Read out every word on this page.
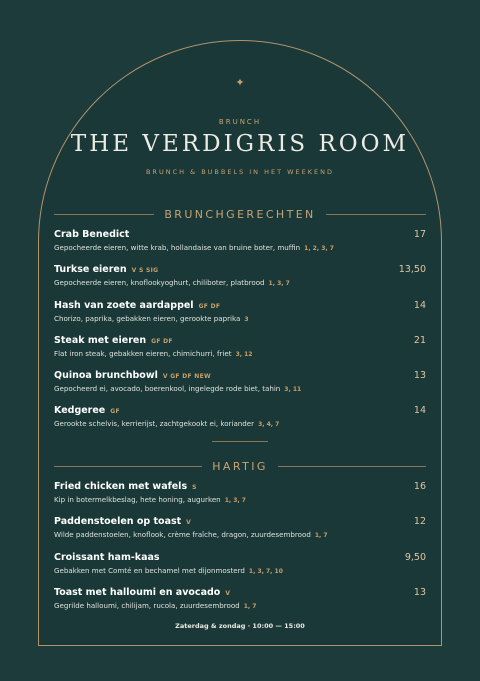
✦
BRUNCH
THE VERDIGRIS ROOM
BRUNCH & BUBBELS IN HET WEEKEND
BRUNCHGERECHTEN
Crab Benedict	17
Gepocheerde eieren, witte krab, hollandaise van bruine boter, muffin 1, 2, 3, 7
Turkse eieren V S SIG	13,50
Gepocheerde eieren, knoflookyoghurt, chiliboter, platbrood 1, 3, 7
Hash van zoete aardappel GF DF	14
Chorizo, paprika, gebakken eieren, gerookte paprika 3
Steak met eieren GF DF	21
Flat iron steak, gebakken eieren, chimichurri, friet 3, 12
Quinoa brunchbowl V GF DF NEW	13
Gepocheerd ei, avocado, boerenkool, ingelegde rode biet, tahin 3, 11
Kedgeree GF	14
Gerookte schelvis, kerrierijst, zachtgekookt ei, koriander 3, 4, 7
HARTIG
Fried chicken met wafels S	16
Kip in botermelkbeslag, hete honing, augurken 1, 3, 7
Paddenstoelen op toast V	12
Wilde paddenstoelen, knoflook, crème fraîche, dragon, zuurdesembrood 1, 7
Croissant ham-kaas	9,50
Gebakken met Comté en bechamel met dijonmosterd 1, 3, 7, 10
Toast met halloumi en avocado V	13
Gegrilde halloumi, chilijam, rucola, zuurdesembrood 1, 7
Zaterdag & zondag · 10:00 — 15:00
